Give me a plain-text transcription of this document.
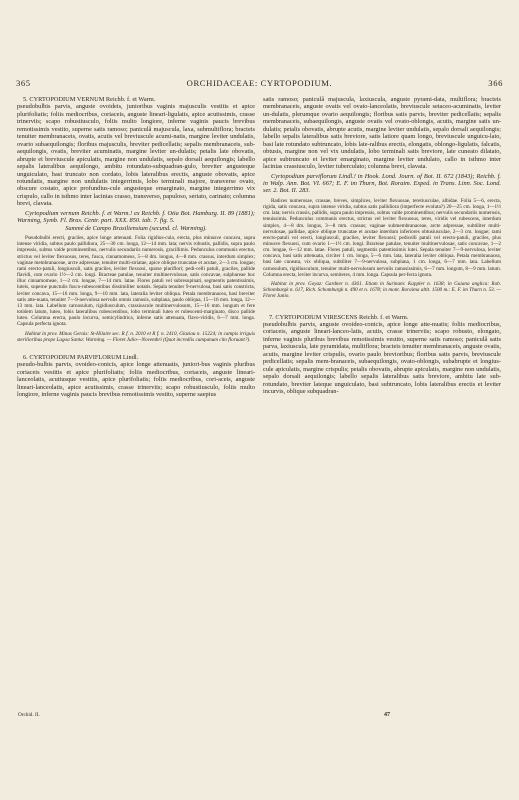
365	ORCHIDACEAE: CYRTOPODIUM.	366

5. CYRTOPODIUM VERNUM Reichb. f. et Warm.

pseudobulbis parvis, anguste ovoideis, junioribus vaginis majusculis vestitis et apice plurifoliatis; foliis mediocribus, coriaceis, anguste lineari-ligulatis, apice acutissimis, crasse trinerviis; scapo robustiusculo, foliis multo longiore, inferne vaginis paucis brevibus remotissimis vestito, superne satis ramoso; paniculâ majuscula, laxa, submultiflora; bracteis tenuiter membranaceis, ovatis, acutis vel breviuscule acumi-natis, margine leviter undulatis, ovario subaequilongis; floribus majusculis, breviter pedicellatis; sepalis membranaceis, sub-aequilongis, ovatis, breviter acuminatis, margine leviter un-dulatis; petalis late obovatis, abrupte et breviuscule apiculatis, margine non undulatis, sepalo dorsali aequilongis; labello sepalis lateralibus aequilongo, ambitu rotundato-subquadran-gulo, breviter angusteque unguiculato, basi truncato non cordato, lobis lateralibus erectis, anguste obovatis, apice rotundatis, margine non undulatis integerrimis, lobo terminali majore, transverse ovato, obscure costato, apice profundius-cule angusteque emarginato, margine integerrimo vix crispulo, callo in isthmo inter lacinias crasso, transverso, papuloso, seriato, carinato; columna brevi, clavata.

Cyrtopodium vernum Reichb. f. et Warm.! ex Reichb. f. Otia Bot. Hamburg. II. 89 (1881); Warming, Symb. Fl. Bras. Centr. part. XXX. 850. tab. 7. fig. 5.

Summé de Campo Brasiliensium (secund. cl. Warming).

Pseudobulbi erecti, graciles, apice longe attenuati. Folia rigidius-cula, erecta, plus minusve concava, supra intense viridia, subtus paulo pallidiora, 25—30 cm. longa, 12—14 mm. lata; nervis robustis, pallidis, supra paulo impressis, subtus valde prominentibus, nervulis secundariis numerosis, gracillimis. Pedunculus communis erectus, strictus vel leviter flexuosus, teres, fusca, cinnamomeus, 5—8 dm. longus, 4—8 mm. crassus, interdum simplex; vaginae membranaceae, arcte adpressae, tenuiter multi-striatae, apice oblique truncatae et acutae, 2—3 cm. longae; rami erecto-patuli, longiusculi, satis graciles, leviter flexuosi, sparse pluriflori; pedi-celli patuli, graciles, pallide flavidi, cum ovario 1½—2 cm. longi. Bracteae patulae, tenuiter multinervulosae, satis concavae, sulphureae huc illuc cinnamomeae, 1—2 cm. longae, 7—14 mm. latae. Flores patuli vel subresupinati, segmentis patentissimis, luteis, superne punctulis fusco-rubescentibus dissimiliter notatis. Sepala tenuiter 9-nervulosa, basi satis constricta, leviter concava, 15—16 mm. longa, 9—10 mm. lata, lateralia leviter obliqua. Petala membranacea, basi breviter satis atte-nuata, tenuiter 7—9-nervulosa nervulis omnis ramosis, subplana, paulo obliqua, 15—16 mm. longa, 12—13 mm. lata. Labellum carnosulum, rigidiusculum, crassiuscule multinervulosum, 15—16 mm. longum et fere totidem latum, luteo, lobis lateralibus rubescentibus, lobo terminali luteo et rubescenti-marginato, disco pallide luteo. Columna erecta, paulo incurva, semicylindrica, inferne satis attenuata, flavo-viridis, 6—7 mm. longa. Capsula perfecta ignota.

Habitat in prov. Minas Gerais: St-Hilaire sec. R f. n. 2010 et R f. n. 2410, Glaziou n. 15224; in campis irriguis sterilioribus prope Lagoa Santa: Warming. — Floret Julio—Novembri (Quot incrediis campanum cito floruunt?).

6. CYRTOPODIUM PARVIFLORUM Lindl.

pseudo-bulbis parvis, ovoideo-conicis, apice longe attenuatis, juniori-bus vaginis pluribus coriaceis vestitis et apice plurifoliatis; foliis mediocribus, coriaceis, anguste lineari-lanceolatis, acutiusque vestitis, apice plurifoliatis; foliis mediocribus, cori-aceis, anguste lineari-lanceolatis, apice acutissimis, crasse trinerviis; scapo robustiusculo, foliis multo longiore, inferne vaginis paucis brevibus remotissimis vestito, superne saepius

Orchid. II.

satis ramoso; paniculâ majuscula, laxiuscula, anguste pyrami-data, multiflora; bracteis membranaceis, anguste ovatis vel ovato-lanceolatis, breviuscule setaceo-acuminatis, leviter un-dulatis, plerumque ovario aequilongis; floribus satis parvis, breviter pedicellatis; sepalis membranaceis, subaequilongis, anguste ovatis vel ovato-oblongis, acutis, margine satis un-dulatis; petalis obovatis, abrupte acutis, margine leviter undulatis, sepalo dorsali aequilongis; labello sepalis lateralibus satis breviore, satis latiore quam longo, breviuscule unguicu-lato, basi late rotundato subtruncato, lobis late-ralibus erectis, elongatis, oblongo-ligulatis, falcatis, obtusis, margine non vel vix undulatis, lobo terminali satis breviore, late cuneato dilatato, apice subtruncato et leviter emarginato, margine leviter undulato, callo in isthmo inter lacinias crassiusculo, leviter tuberculato; columna brevi, clavata.

Cyrtopodium parviflorum Lindl.! in Hook. Lond. Journ. of Bot. II. 672 (1843); Reichb. f. in Walp. Ann. Bot. VI. 667; E. F. im Thurn, Bot. Roraim. Exped. in Trans. Linn. Soc. Lond. ser. 2. Bot. II. 283.

Radices numerosae, crassae, breves, simplices, leviter flexuosae, teretiusculae, albidae. Folia 5—6, erecta, rigida, satis concava, supra intense viridia, subtus satis pallidiora (imperfecte evoluta?) 20—25 cm. longa, 1—1½ cm. lata; nervis crassis, pallidis, supra paulo impressis, subtus valde prominentibus; nervulis secundariis numerosis, tenuissimis. Pedunculus communis erectus, strictus vel leviter flexuosus, teres, viridis vel rubescens, interdum simplex, 4—8 dm. longus, 3—8 mm. crassus; vaginae submembranaceae, arcte adpressae, subtiliter multi-nervulosae, pallidae, apice oblique truncatae et acutae interdum inferiores obtusiusculae, 2—3 cm. longae; rami erecto-patuli vel erecti, longiusculi, graciles, leviter flexuosi; pedicelli patuli vel erecto-patuli, graciles, plus minusve flexuosi, cum ovario 1—1½ cm. longi. Bracteae patulae, tenuiter multinervulosae, satis concavae, 1—2 cm. longae, 6—12 mm. latae. Flores patuli, segmentis patentissimis lutei. Sepala tenuiter 7—9-nervulosa, leviter concava, basi satis attenuata, circiter 1 cm. longa, 5—6 mm. lata, lateralia leviter obliqua. Petala membranacea, basi late cuneata, vix obliqua, subtiliter 7—9-nervulosa, subplana, 1 cm. longa, 6—7 mm. lata. Labellum carnosulum, rigidiusculum, tenuiter multi-nervulosum nervulis ramosissimis, 6—7 mm. longum, 8—9 mm. latum. Columna erecta, leviter incurva, semiteres, 4 mm. longa. Capsula per-fecta ignota.

Habitat in prov. Goyaz: Gardner n. 4361. Etiam in Surinam: Kappler n. 1638; in Guiana anglica: Rob. Schomburgk n. 617, Rich. Schomburgk n. 490 et n. 1678; in mont. Roraima altit. 1500 m.: E. F. im Thurn n. 53. — Floret Junio.

7. CYRTOPODIUM VIRESCENS Reichb. f. et Warm.

pseudobulbis parvis, anguste ovoideo-conicis, apice longe atte-nuatis; foliis mediocribus, coriaceis, anguste lineari-lanceo-latis, acutis, crasse trinerviis; scapo robusto, elongato, inferne vaginis pluribus brevibus remotissimis vestito, superne satis ramoso; paniculâ satis parva, laxiuscula, late pyramidata, multiflora; bracteis tenuiter membranaceis, anguste ovatis, acutis, margine leviter crispulis, ovario paulo brevioribus; floribus satis parvis, breviuscule pedicellatis; sepalis mem-branaceis, subaequilongis, ovato-oblongis, subabrupte et longius-cule apiculatis, margine crispulis; petalis obovatis, abrupte apiculatis, margine non undulatis, sepalo dorsali aequilongis; labello sepalis lateralibus satis breviore, ambitu late sub-rotundato, breviter lateque unguiculato, basi subtruncato, lobis lateralibus erectis et leviter incurvis, oblique subquadran-

47
